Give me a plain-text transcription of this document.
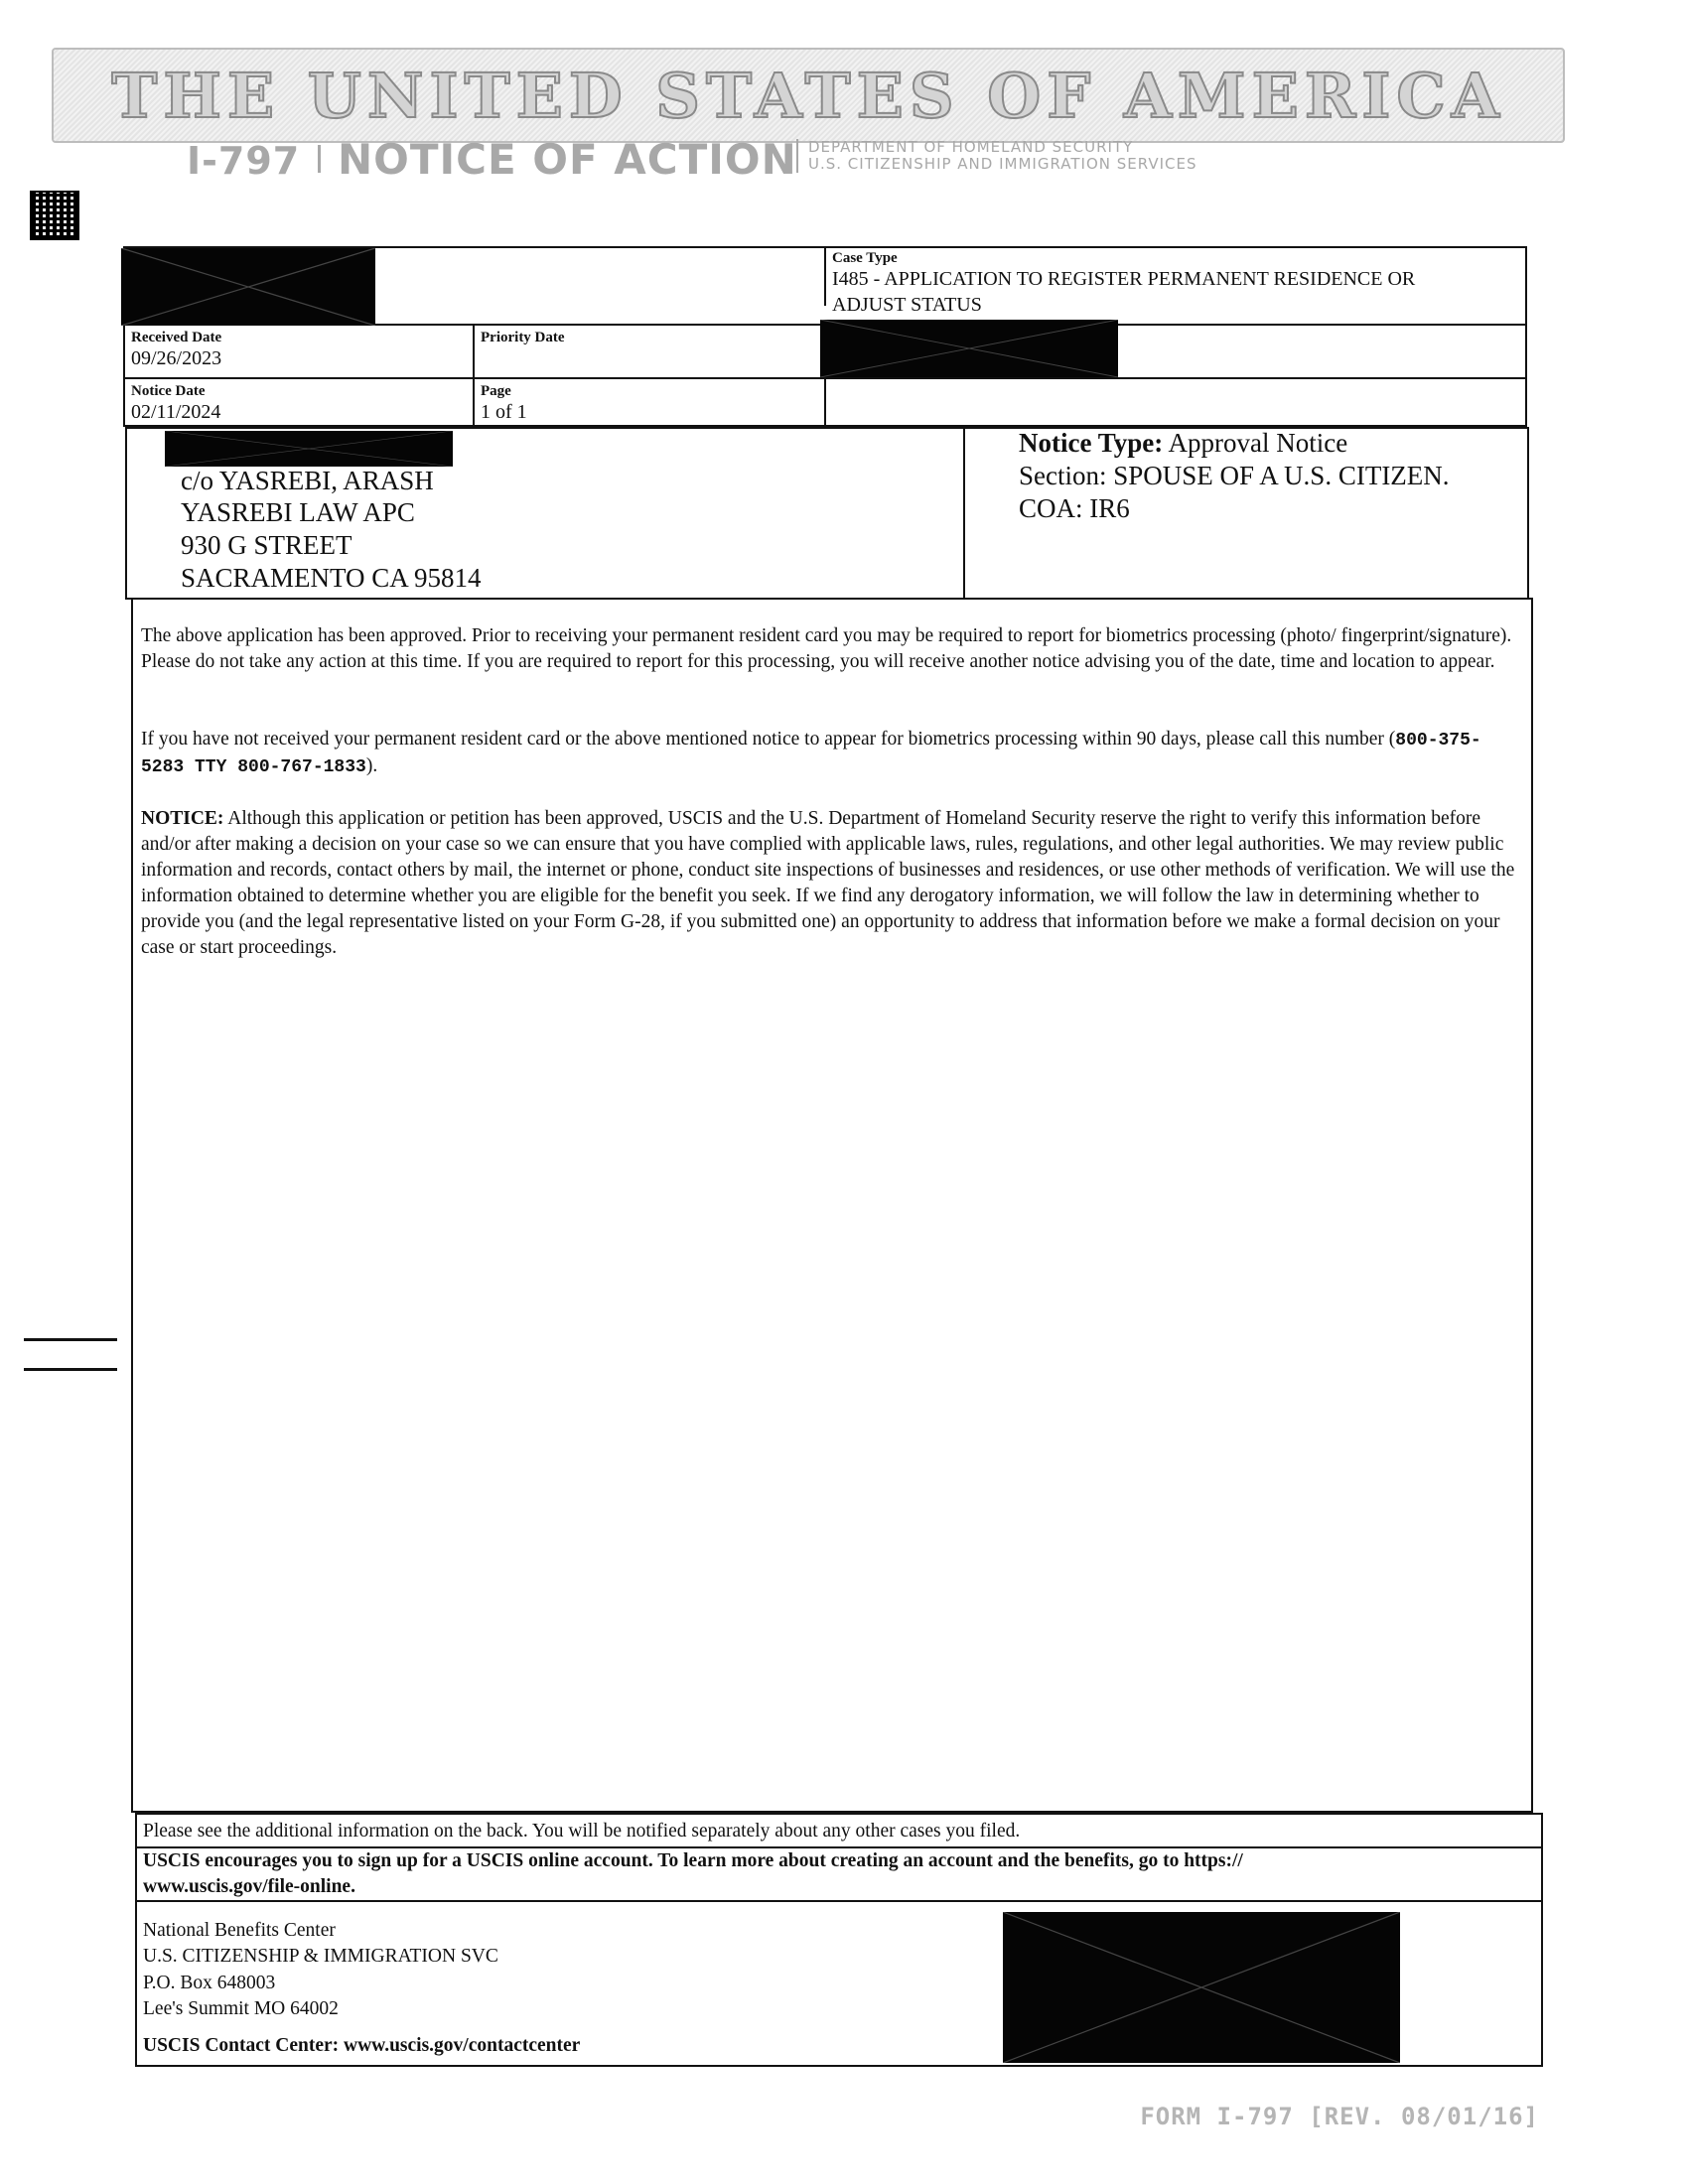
THE UNITED STATES OF AMERICA
I-797 NOTICE OF ACTION DEPARTMENT OF HOMELAND SECURITY
U.S. CITIZENSHIP AND IMMIGRATION SERVICES
Case Type
I485 - APPLICATION TO REGISTER PERMANENT RESIDENCE OR
ADJUST STATUS
Received Date
09/26/2023
Priority Date
Notice Date
02/11/2024
Page
1 of 1
c/o YASREBI, ARASH
YASREBI LAW APC
930 G STREET
SACRAMENTO CA 95814
Notice Type: Approval Notice
Section: SPOUSE OF A U.S. CITIZEN.
COA: IR6
The above application has been approved. Prior to receiving your permanent resident card you may be required to report for biometrics processing (photo/ fingerprint/signature). Please do not take any action at this time. If you are required to report for this processing, you will receive another notice advising you of the date, time and location to appear.
If you have not received your permanent resident card or the above mentioned notice to appear for biometrics processing within 90 days, please call this number (800-375-5283 TTY 800-767-1833).
NOTICE: Although this application or petition has been approved, USCIS and the U.S. Department of Homeland Security reserve the right to verify this information before and/or after making a decision on your case so we can ensure that you have complied with applicable laws, rules, regulations, and other legal authorities. We may review public information and records, contact others by mail, the internet or phone, conduct site inspections of businesses and residences, or use other methods of verification. We will use the information obtained to determine whether you are eligible for the benefit you seek. If we find any derogatory information, we will follow the law in determining whether to provide you (and the legal representative listed on your Form G-28, if you submitted one) an opportunity to address that information before we make a formal decision on your case or start proceedings.
Please see the additional information on the back. You will be notified separately about any other cases you filed.
USCIS encourages you to sign up for a USCIS online account. To learn more about creating an account and the benefits, go to https://
www.uscis.gov/file-online.
National Benefits Center
U.S. CITIZENSHIP & IMMIGRATION SVC
P.O. Box 648003
Lee's Summit MO 64002
USCIS Contact Center: www.uscis.gov/contactcenter
FORM I-797 [REV. 08/01/16]
